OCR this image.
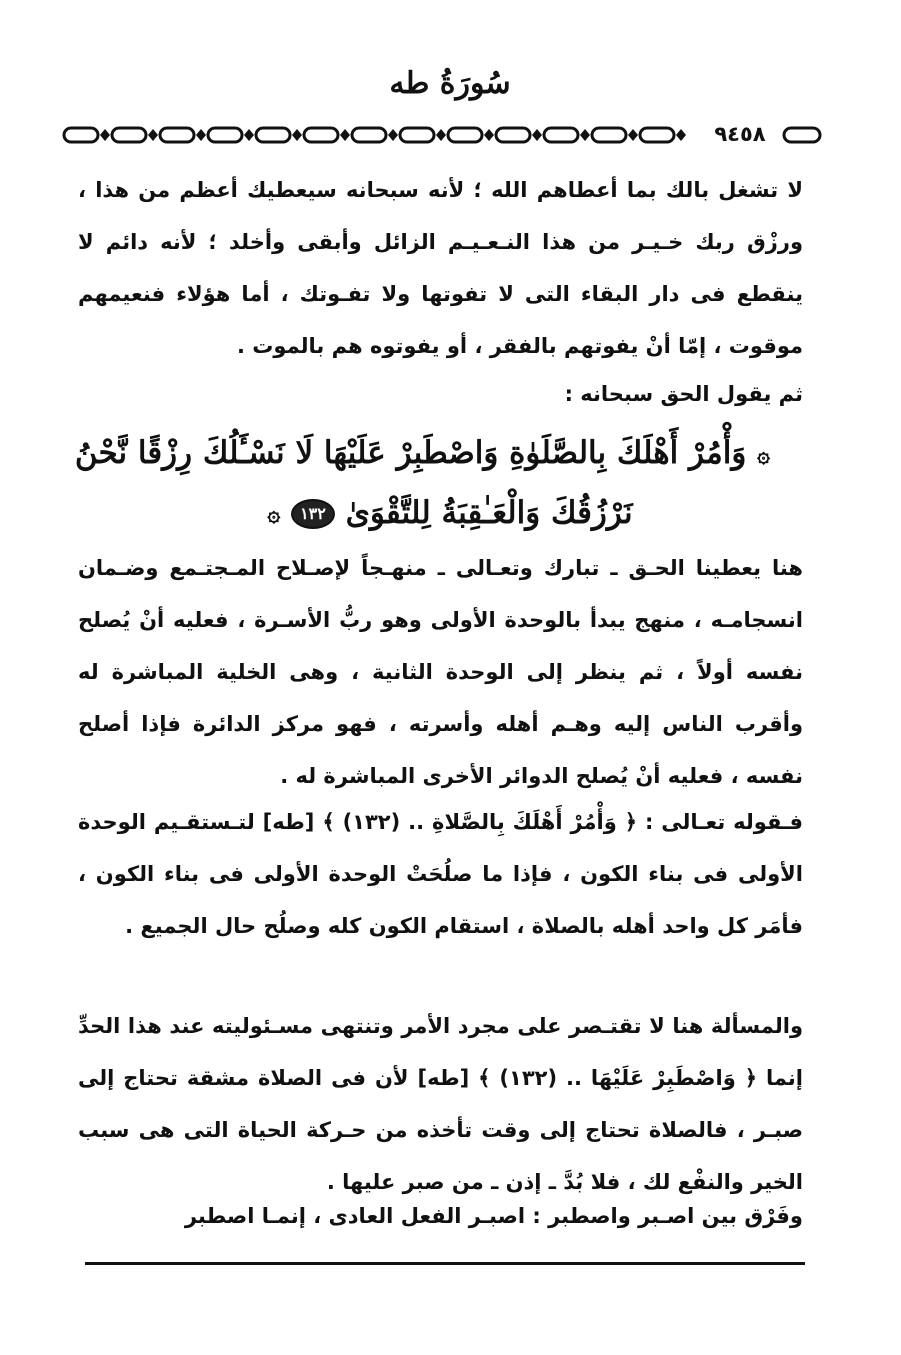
سُورَةُ طه
٩٤٥٨

لا تشغل بالك بما أعطاهم الله ؛ لأنه سبحانه سيعطيك أعظم من هذا ، ورزْق ربك خـيـر من هذا النـعـيـم الزائل وأبقى وأخلد ؛ لأنه دائم لا ينقطع فى دار البقاء التى لا تفوتها ولا تفـوتك ، أما هؤلاء فنعيمهم موقوت ، إمّا أنْ يفوتهم بالفقر ، أو يفوتوه هم بالموت .

ثم يقول الحق سبحانه :

۞ وَأْمُرْ أَهْلَكَ بِالصَّلَوٰةِ وَاصْطَبِرْ عَلَيْهَا لَا نَسْـَٔلُكَ رِزْقًا نَّحْنُ
نَرْزُقُكَ وَالْعَـٰقِبَةُ لِلتَّقْوَىٰ ١٣٢ ۞

هنا يعطينا الحـق ـ تبارك وتعـالى ـ منهـجاً لإصـلاح المـجتـمع وضـمان انسجامـه ، منهج يبدأ بالوحدة الأولى وهو ربُّ الأسـرة ، فعليه أنْ يُصلح نفسه أولاً ، ثم ينظر إلى الوحدة الثانية ، وهى الخلية المباشرة له وأقرب الناس إليه وهـم أهله وأسرته ، فهو مركز الدائرة فإذا أصلح نفسه ، فعليه أنْ يُصلح الدوائر الأخرى المباشرة له .

فـقوله تعـالى : ﴿ وَأْمُرْ أَهْلَكَ بِالصَّلاةِ .. (١٣٢) ﴾ [طه] لتـستقـيم الوحدة الأولى فى بناء الكون ، فإذا ما صلُحَتْ الوحدة الأولى فى بناء الكون ، فأمَر كل واحد أهله بالصلاة ، استقام الكون كله وصلُح حال الجميع .

والمسألة هنا لا تقتـصر على مجرد الأمر وتنتهى مسـئوليته عند هذا الحدِّ إنما ﴿ وَاصْطَبِرْ عَلَيْهَا .. (١٣٢) ﴾ [طه] لأن فى الصلاة مشقة تحتاج إلى صبـر ، فالصلاة تحتاج إلى وقت تأخذه من حـركة الحياة التى هى سبب الخير والنفْع لك ، فلا بُدَّ ـ إذن ـ من صبر عليها .

وفَرْق بين اصـبر واصطبر : اصبـر الفعل العادى ، إنمـا اصطبر
